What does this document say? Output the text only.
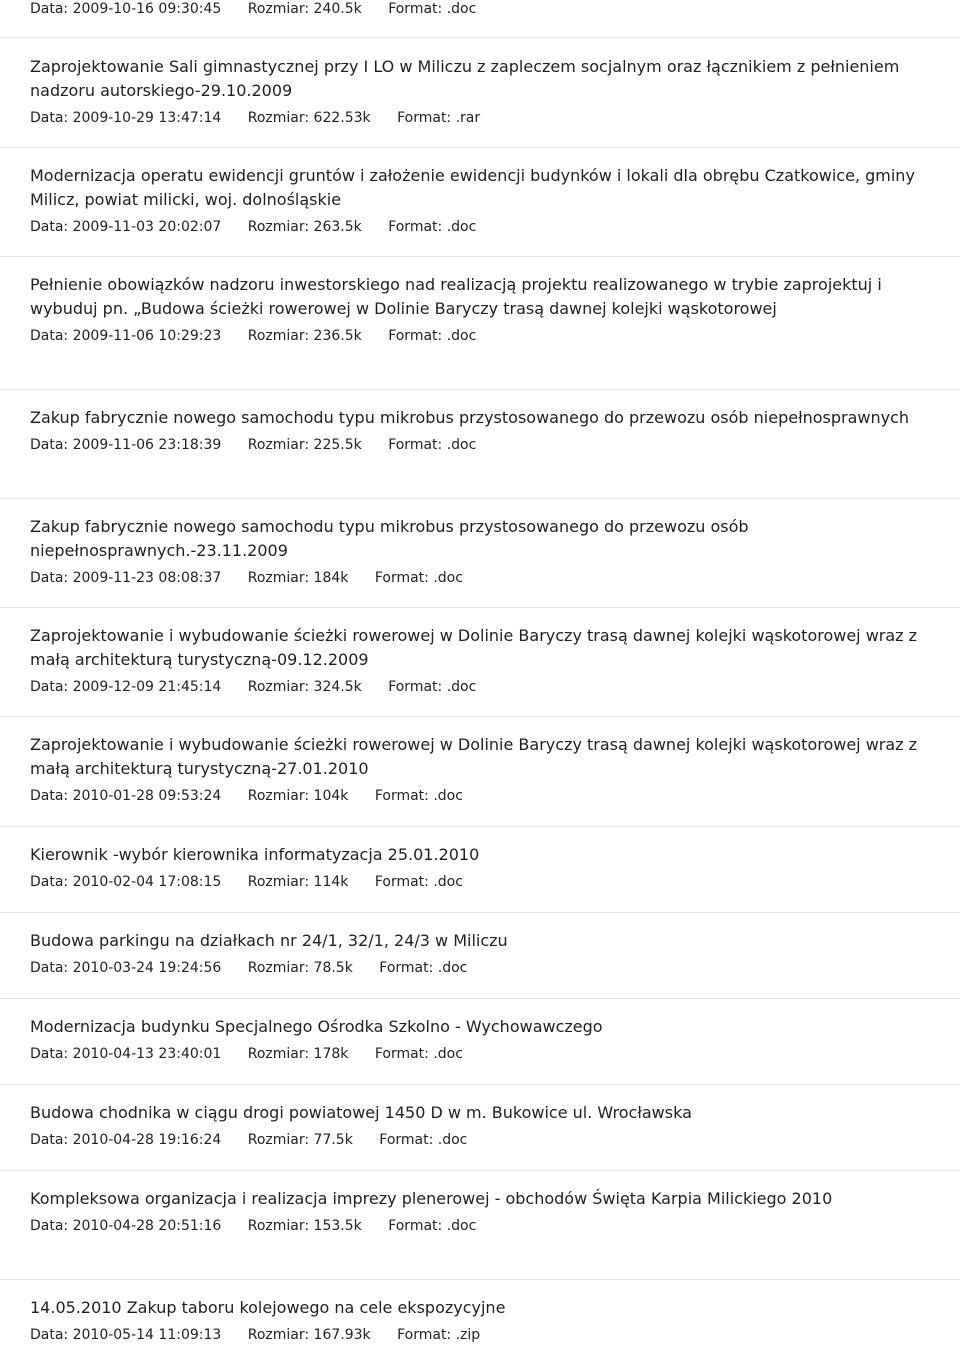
Data: 2009-10-16 09:30:45 Rozmiar: 240.5k Format: .doc
Zaprojektowanie Sali gimnastycznej przy I LO w Miliczu z zapleczem socjalnym oraz łącznikiem z pełnieniem nadzoru autorskiego-29.10.2009
Data: 2009-10-29 13:47:14 Rozmiar: 622.53k Format: .rar
Modernizacja operatu ewidencji gruntów i założenie ewidencji budynków i lokali dla obrębu Czatkowice, gminy Milicz, powiat milicki, woj. dolnośląskie
Data: 2009-11-03 20:02:07 Rozmiar: 263.5k Format: .doc
Pełnienie obowiązków nadzoru inwestorskiego nad realizacją projektu realizowanego w trybie zaprojektuj i wybuduj pn. „Budowa ścieżki rowerowej w Dolinie Baryczy trasą dawnej kolejki wąskotorowej
Data: 2009-11-06 10:29:23 Rozmiar: 236.5k Format: .doc
Zakup fabrycznie nowego samochodu typu mikrobus przystosowanego do przewozu osób niepełnosprawnych
Data: 2009-11-06 23:18:39 Rozmiar: 225.5k Format: .doc
Zakup fabrycznie nowego samochodu typu mikrobus przystosowanego do przewozu osób niepełnosprawnych.-23.11.2009
Data: 2009-11-23 08:08:37 Rozmiar: 184k Format: .doc
Zaprojektowanie i wybudowanie ścieżki rowerowej w Dolinie Baryczy trasą dawnej kolejki wąskotorowej wraz z małą architekturą turystyczną-09.12.2009
Data: 2009-12-09 21:45:14 Rozmiar: 324.5k Format: .doc
Zaprojektowanie i wybudowanie ścieżki rowerowej w Dolinie Baryczy trasą dawnej kolejki wąskotorowej wraz z małą architekturą turystyczną-27.01.2010
Data: 2010-01-28 09:53:24 Rozmiar: 104k Format: .doc
Kierownik -wybór kierownika informatyzacja 25.01.2010
Data: 2010-02-04 17:08:15 Rozmiar: 114k Format: .doc
Budowa parkingu na działkach nr 24/1, 32/1, 24/3 w Miliczu
Data: 2010-03-24 19:24:56 Rozmiar: 78.5k Format: .doc
Modernizacja budynku Specjalnego Ośrodka Szkolno - Wychowawczego
Data: 2010-04-13 23:40:01 Rozmiar: 178k Format: .doc
Budowa chodnika w ciągu drogi powiatowej 1450 D w m. Bukowice ul. Wrocławska
Data: 2010-04-28 19:16:24 Rozmiar: 77.5k Format: .doc
Kompleksowa organizacja i realizacja imprezy plenerowej - obchodów Święta Karpia Milickiego 2010
Data: 2010-04-28 20:51:16 Rozmiar: 153.5k Format: .doc
14.05.2010 Zakup taboru kolejowego na cele ekspozycyjne
Data: 2010-05-14 11:09:13 Rozmiar: 167.93k Format: .zip
